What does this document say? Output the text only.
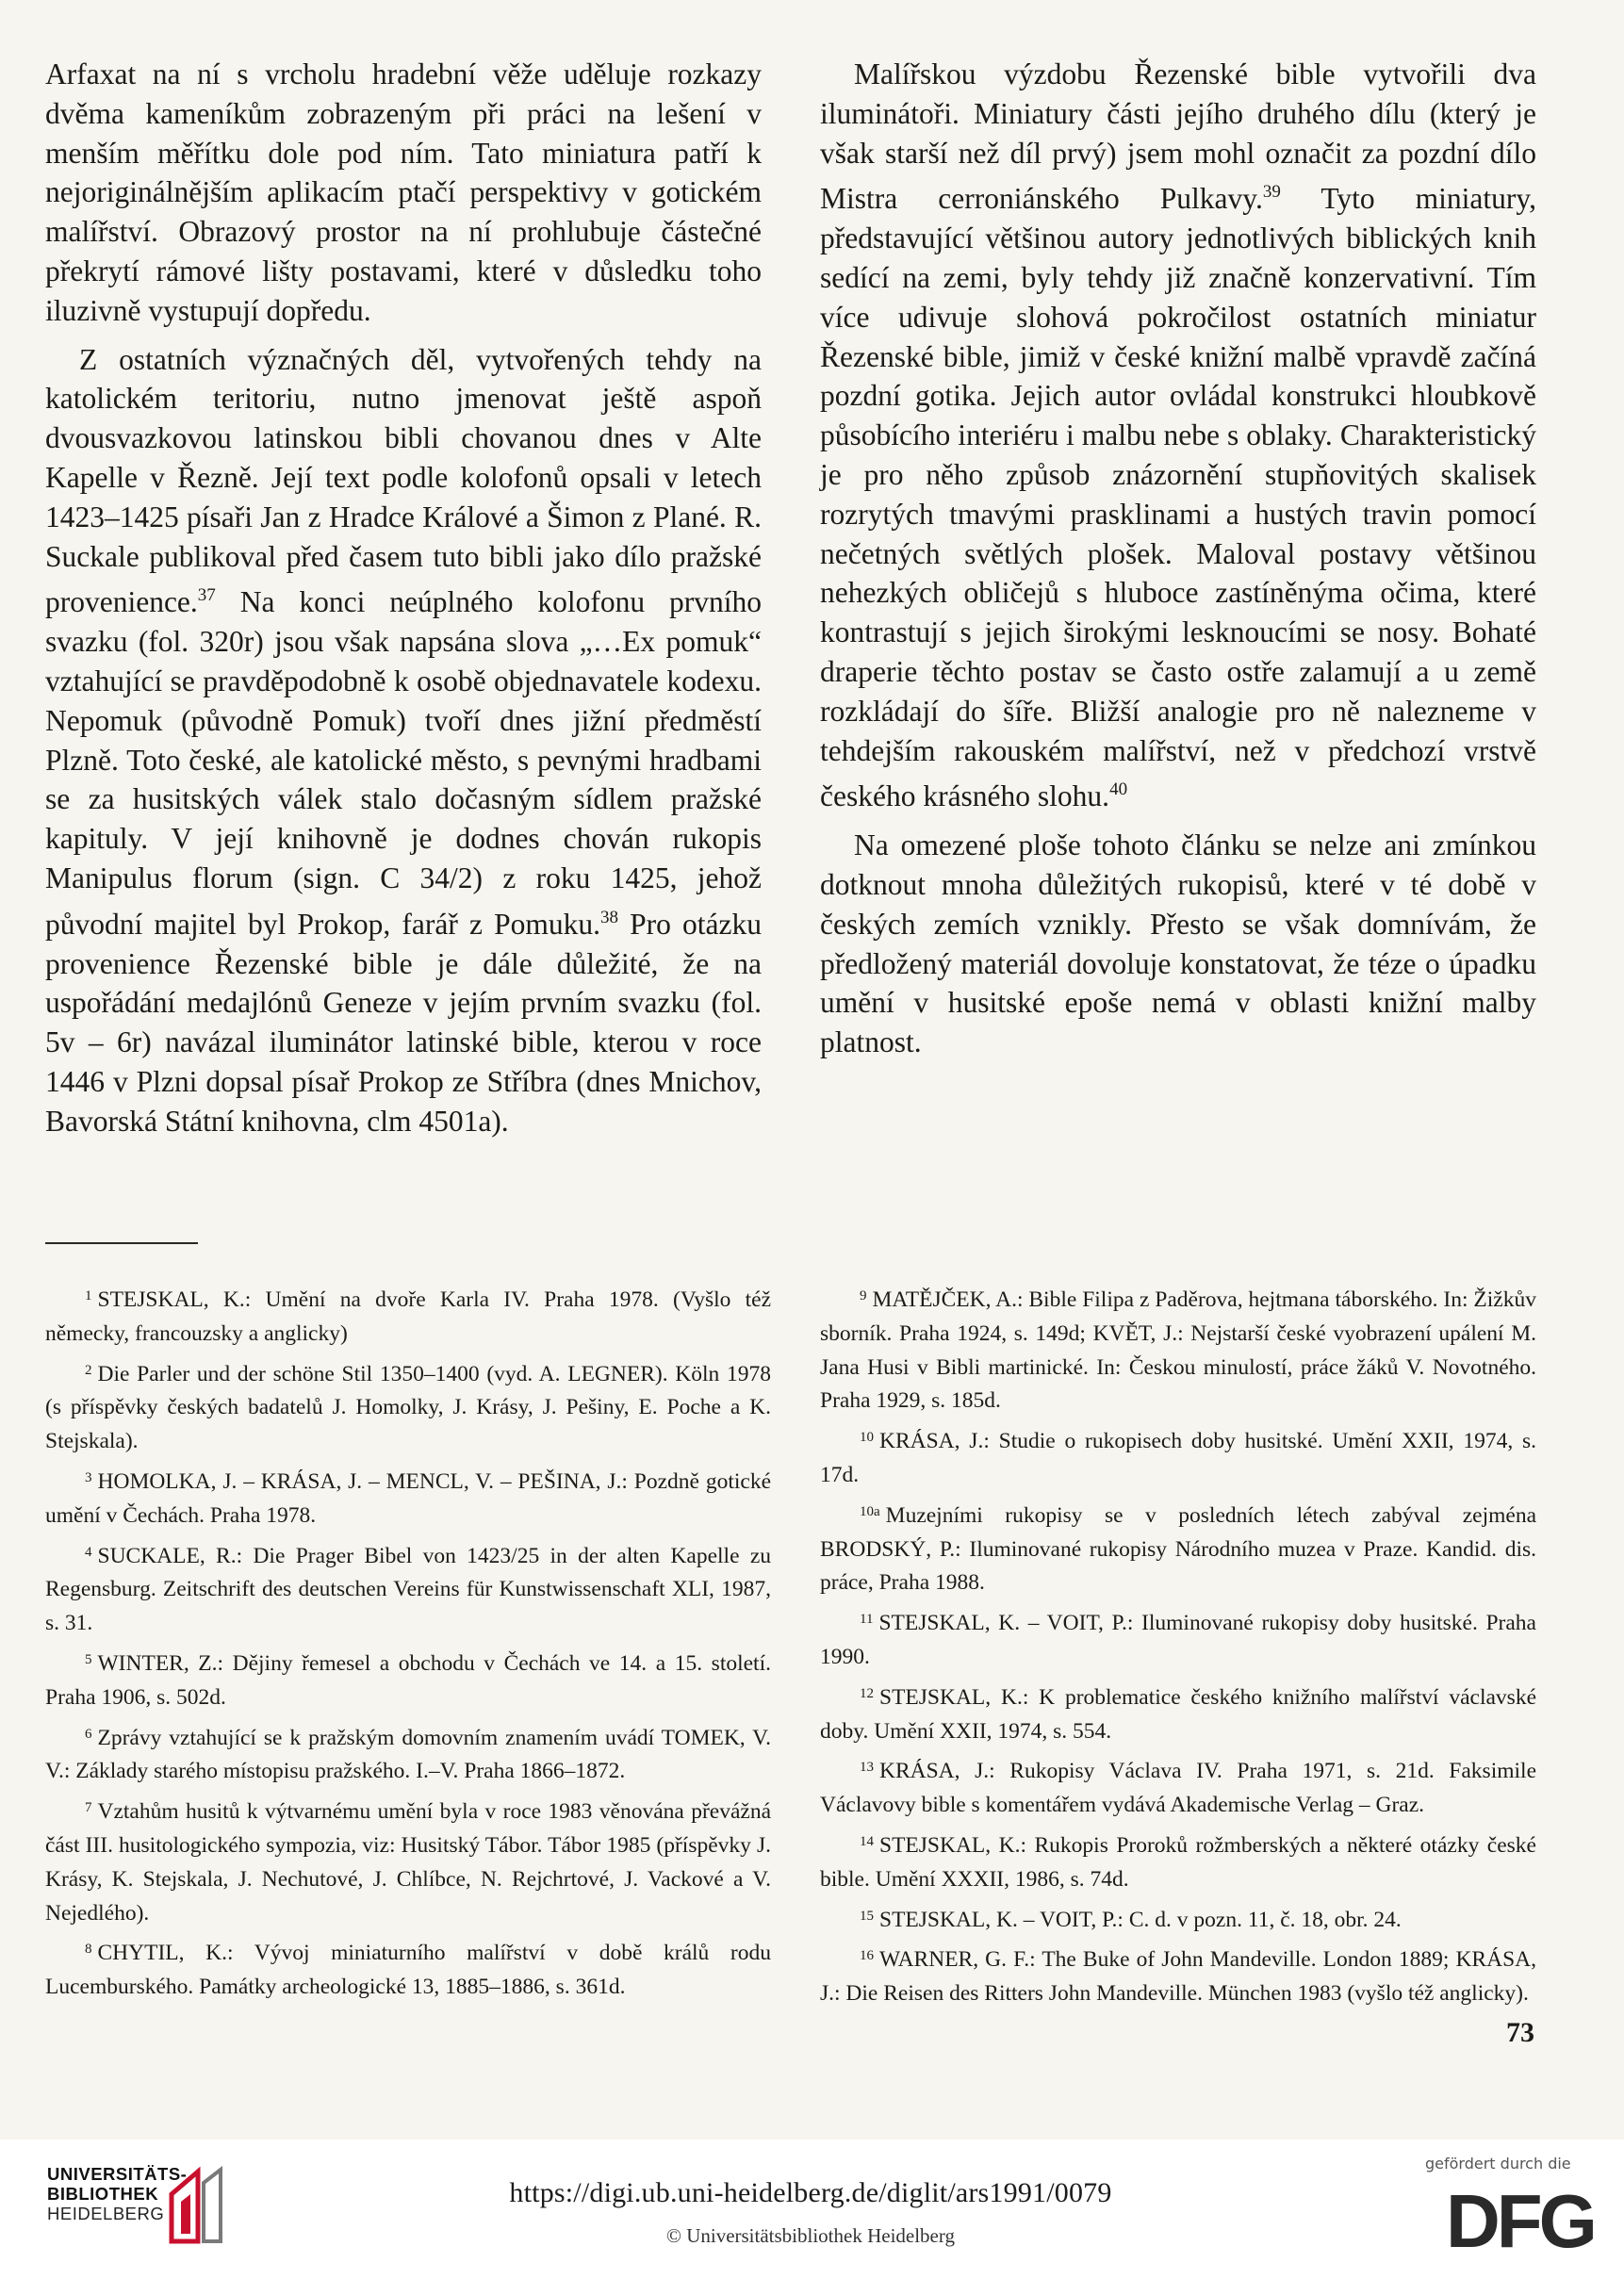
Arfaxat na ní s vrcholu hradební věže uděluje rozkazy dvěma kameníkům zobrazeným při práci na lešení v menším měřítku dole pod ním. Tato miniatura patří k nejoriginálnějším aplikacím ptačí perspektivy v gotickém malířství. Obrazový prostor na ní prohlubuje částečné překrytí rámové lišty postavami, které v důsledku toho iluzivně vystupují dopředu.

Z ostatních význačných děl, vytvořených tehdy na katolickém teritoriu, nutno jmenovat ještě aspoň dvousvazkovou latinskou bibli chovanou dnes v Alte Kapelle v Řezně. Její text podle kolofonů opsali v letech 1423–1425 písaři Jan z Hradce Králové a Šimon z Plané. R. Suckale publikoval před časem tuto bibli jako dílo pražské provenience.$^{37}$ Na konci neúplného kolofonu prvního svazku (fol. 320r) jsou však napsána slova „…Ex pomuk“ vztahující se pravděpodobně k osobě objednavatele kodexu. Nepomuk (původně Pomuk) tvoří dnes jižní předměstí Plzně. Toto české, ale katolické město, s pevnými hradbami se za husitských válek stalo dočasným sídlem pražské kapituly. V její knihovně je dodnes chován rukopis Manipulus florum (sign. C 34/2) z roku 1425, jehož původní majitel byl Prokop, farář z Pomuku.$^{38}$ Pro otázku provenience Řezenské bible je dále důležité, že na uspořádání medajlónů Geneze v jejím prvním svazku (fol. 5v – 6r) navázal iluminátor latinské bible, kterou v roce 1446 v Plzni dopsal písař Prokop ze Stříbra (dnes Mnichov, Bavorská Státní knihovna, clm 4501a).

Malířskou výzdobu Řezenské bible vytvořili dva iluminátoři. Miniatury části jejího druhého dílu (který je však starší než díl prvý) jsem mohl označit za pozdní dílo Mistra cerroniánského Pulkavy.$^{39}$ Tyto miniatury, představující většinou autory jednotlivých biblických knih sedící na zemi, byly tehdy již značně konzervativní. Tím více udivuje slohová pokročilost ostatních miniatur Řezenské bible, jimiž v české knižní malbě vpravdě začíná pozdní gotika. Jejich autor ovládal konstrukci hloubkově působícího interiéru i malbu nebe s oblaky. Charakteristický je pro něho způsob znázornění stupňovitých skalisek rozrytých tmavými prasklinami a hustých travin pomocí nečetných světlých plošek. Maloval postavy většinou nehezkých obličejů s hluboce zastíněnýma očima, které kontrastují s jejich širokými lesknoucími se nosy. Bohaté draperie těchto postav se často ostře zalamují a u země rozkládají do šíře. Bližší analogie pro ně nalezneme v tehdejším rakouském malířství, než v předchozí vrstvě českého krásného slohu.$^{40}$

Na omezené ploše tohoto článku se nelze ani zmínkou dotknout mnoha důležitých rukopisů, které v té době v českých zemích vznikly. Přesto se však domnívám, že předložený materiál dovoluje konstatovat, že téze o úpadku umění v husitské epoše nemá v oblasti knižní malby platnost.

$^1$ STEJSKAL, K.: Umění na dvoře Karla IV. Praha 1978. (Vyšlo též německy, francouzsky a anglicky)

$^2$ Die Parler und der schöne Stil 1350–1400 (vyd. A. LEGNER). Köln 1978 (s příspěvky českých badatelů J. Homolky, J. Krásy, J. Pešiny, E. Poche a K. Stejskala).

$^3$ HOMOLKA, J. – KRÁSA, J. – MENCL, V. – PEŠINA, J.: Pozdně gotické umění v Čechách. Praha 1978.

$^4$ SUCKALE, R.: Die Prager Bibel von 1423/25 in der alten Kapelle zu Regensburg. Zeitschrift des deutschen Vereins für Kunstwissenschaft XLI, 1987, s. 31.

$^5$ WINTER, Z.: Dějiny řemesel a obchodu v Čechách ve 14. a 15. století. Praha 1906, s. 502d.

$^6$ Zprávy vztahující se k pražským domovním znamením uvádí TOMEK, V. V.: Základy starého místopisu pražského. I.–V. Praha 1866–1872.

$^7$ Vztahům husitů k výtvarnému umění byla v roce 1983 věnována převážná část III. husitologického sympozia, viz: Husitský Tábor. Tábor 1985 (příspěvky J. Krásy, K. Stejskala, J. Nechutové, J. Chlíbce, N. Rejchrtové, J. Vackové a V. Nejedlého).

$^8$ CHYTIL, K.: Vývoj miniaturního malířství v době králů rodu Lucemburského. Památky archeologické 13, 1885–1886, s. 361d.

$^9$ MATĚJČEK, A.: Bible Filipa z Paděrova, hejtmana táborského. In: Žižkův sborník. Praha 1924, s. 149d; KVĚT, J.: Nejstarší české vyobrazení upálení M. Jana Husi v Bibli martinické. In: Českou minulostí, práce žáků V. Novotného. Praha 1929, s. 185d.

$^{10}$ KRÁSA, J.: Studie o rukopisech doby husitské. Umění XXII, 1974, s. 17d.

$^{10a}$ Muzejními rukopisy se v posledních létech zabýval zejména BRODSKÝ, P.: Iluminované rukopisy Národního muzea v Praze. Kandid. dis. práce, Praha 1988.

$^{11}$ STEJSKAL, K. – VOIT, P.: Iluminované rukopisy doby husitské. Praha 1990.

$^{12}$ STEJSKAL, K.: K problematice českého knižního malířství václavské doby. Umění XXII, 1974, s. 554.

$^{13}$ KRÁSA, J.: Rukopisy Václava IV. Praha 1971, s. 21d. Faksimile Václavovy bible s komentářem vydává Akademische Verlag – Graz.

$^{14}$ STEJSKAL, K.: Rukopis Proroků rožmberských a některé otázky české bible. Umění XXXII, 1986, s. 74d.

$^{15}$ STEJSKAL, K. – VOIT, P.: C. d. v pozn. 11, č. 18, obr. 24.

$^{16}$ WARNER, G. F.: The Buke of John Mandeville. London 1889; KRÁSA, J.: Die Reisen des Ritters John Mandeville. München 1983 (vyšlo též anglicky).

73
UNIVERSITÄTS-
BIBLIOTHEK
HEIDELBERG
https://digi.ub.uni-heidelberg.de/diglit/ars1991/0079
© Universitätsbibliothek Heidelberg
gefördert durch die
DFG
